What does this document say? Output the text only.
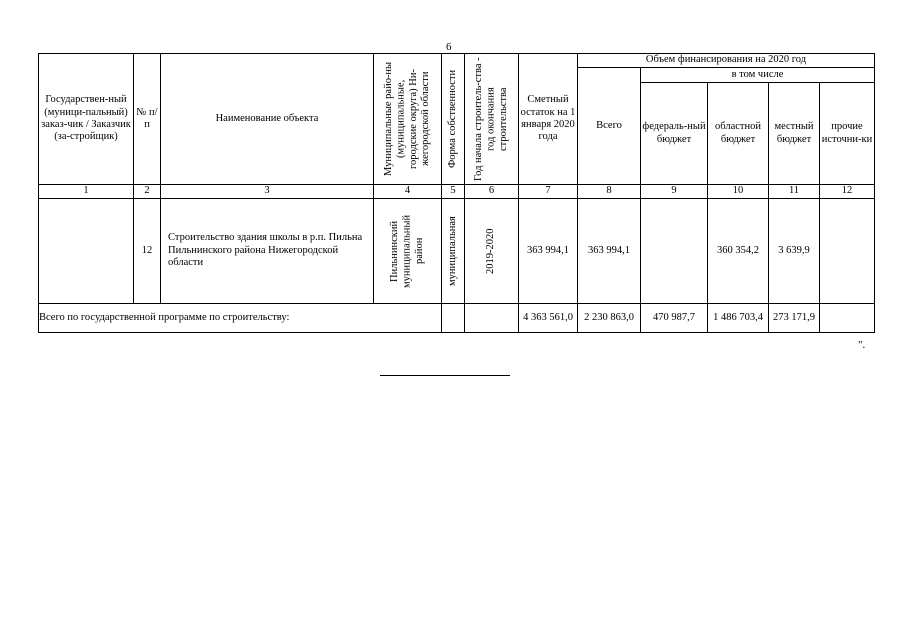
6
Государствен-ный (муници-пальный) заказ-чик / Заказчик (за-стройщик)	№ п/п	Наименование объекта	Муниципальные райо-ны (муниципальные, городские округа) Ни-жегородской области	Форма собственности	Год начала строитель-ства - год окончания строительства	Сметный остаток на 1 января 2020 года	Объем финансирования на 2020 год				
							Всего	в том числе			
								федераль-ный бюджет	областной бюджет	местный бюджет	прочие источни-ки
1	2	3	4	5	6	7	8	9	10	11	12
	12	Строительство здания школы в р.п. Пильна Пильнинского района Нижегородской области	Пильнинский муниципальный район	муниципальная	2019-2020	363 994,1	363 994,1		360 354,2	3 639,9	
Всего по государственной программе по строительству:						4 363 561,0	2 230 863,0	470 987,7	1 486 703,4	273 171,9	
".
